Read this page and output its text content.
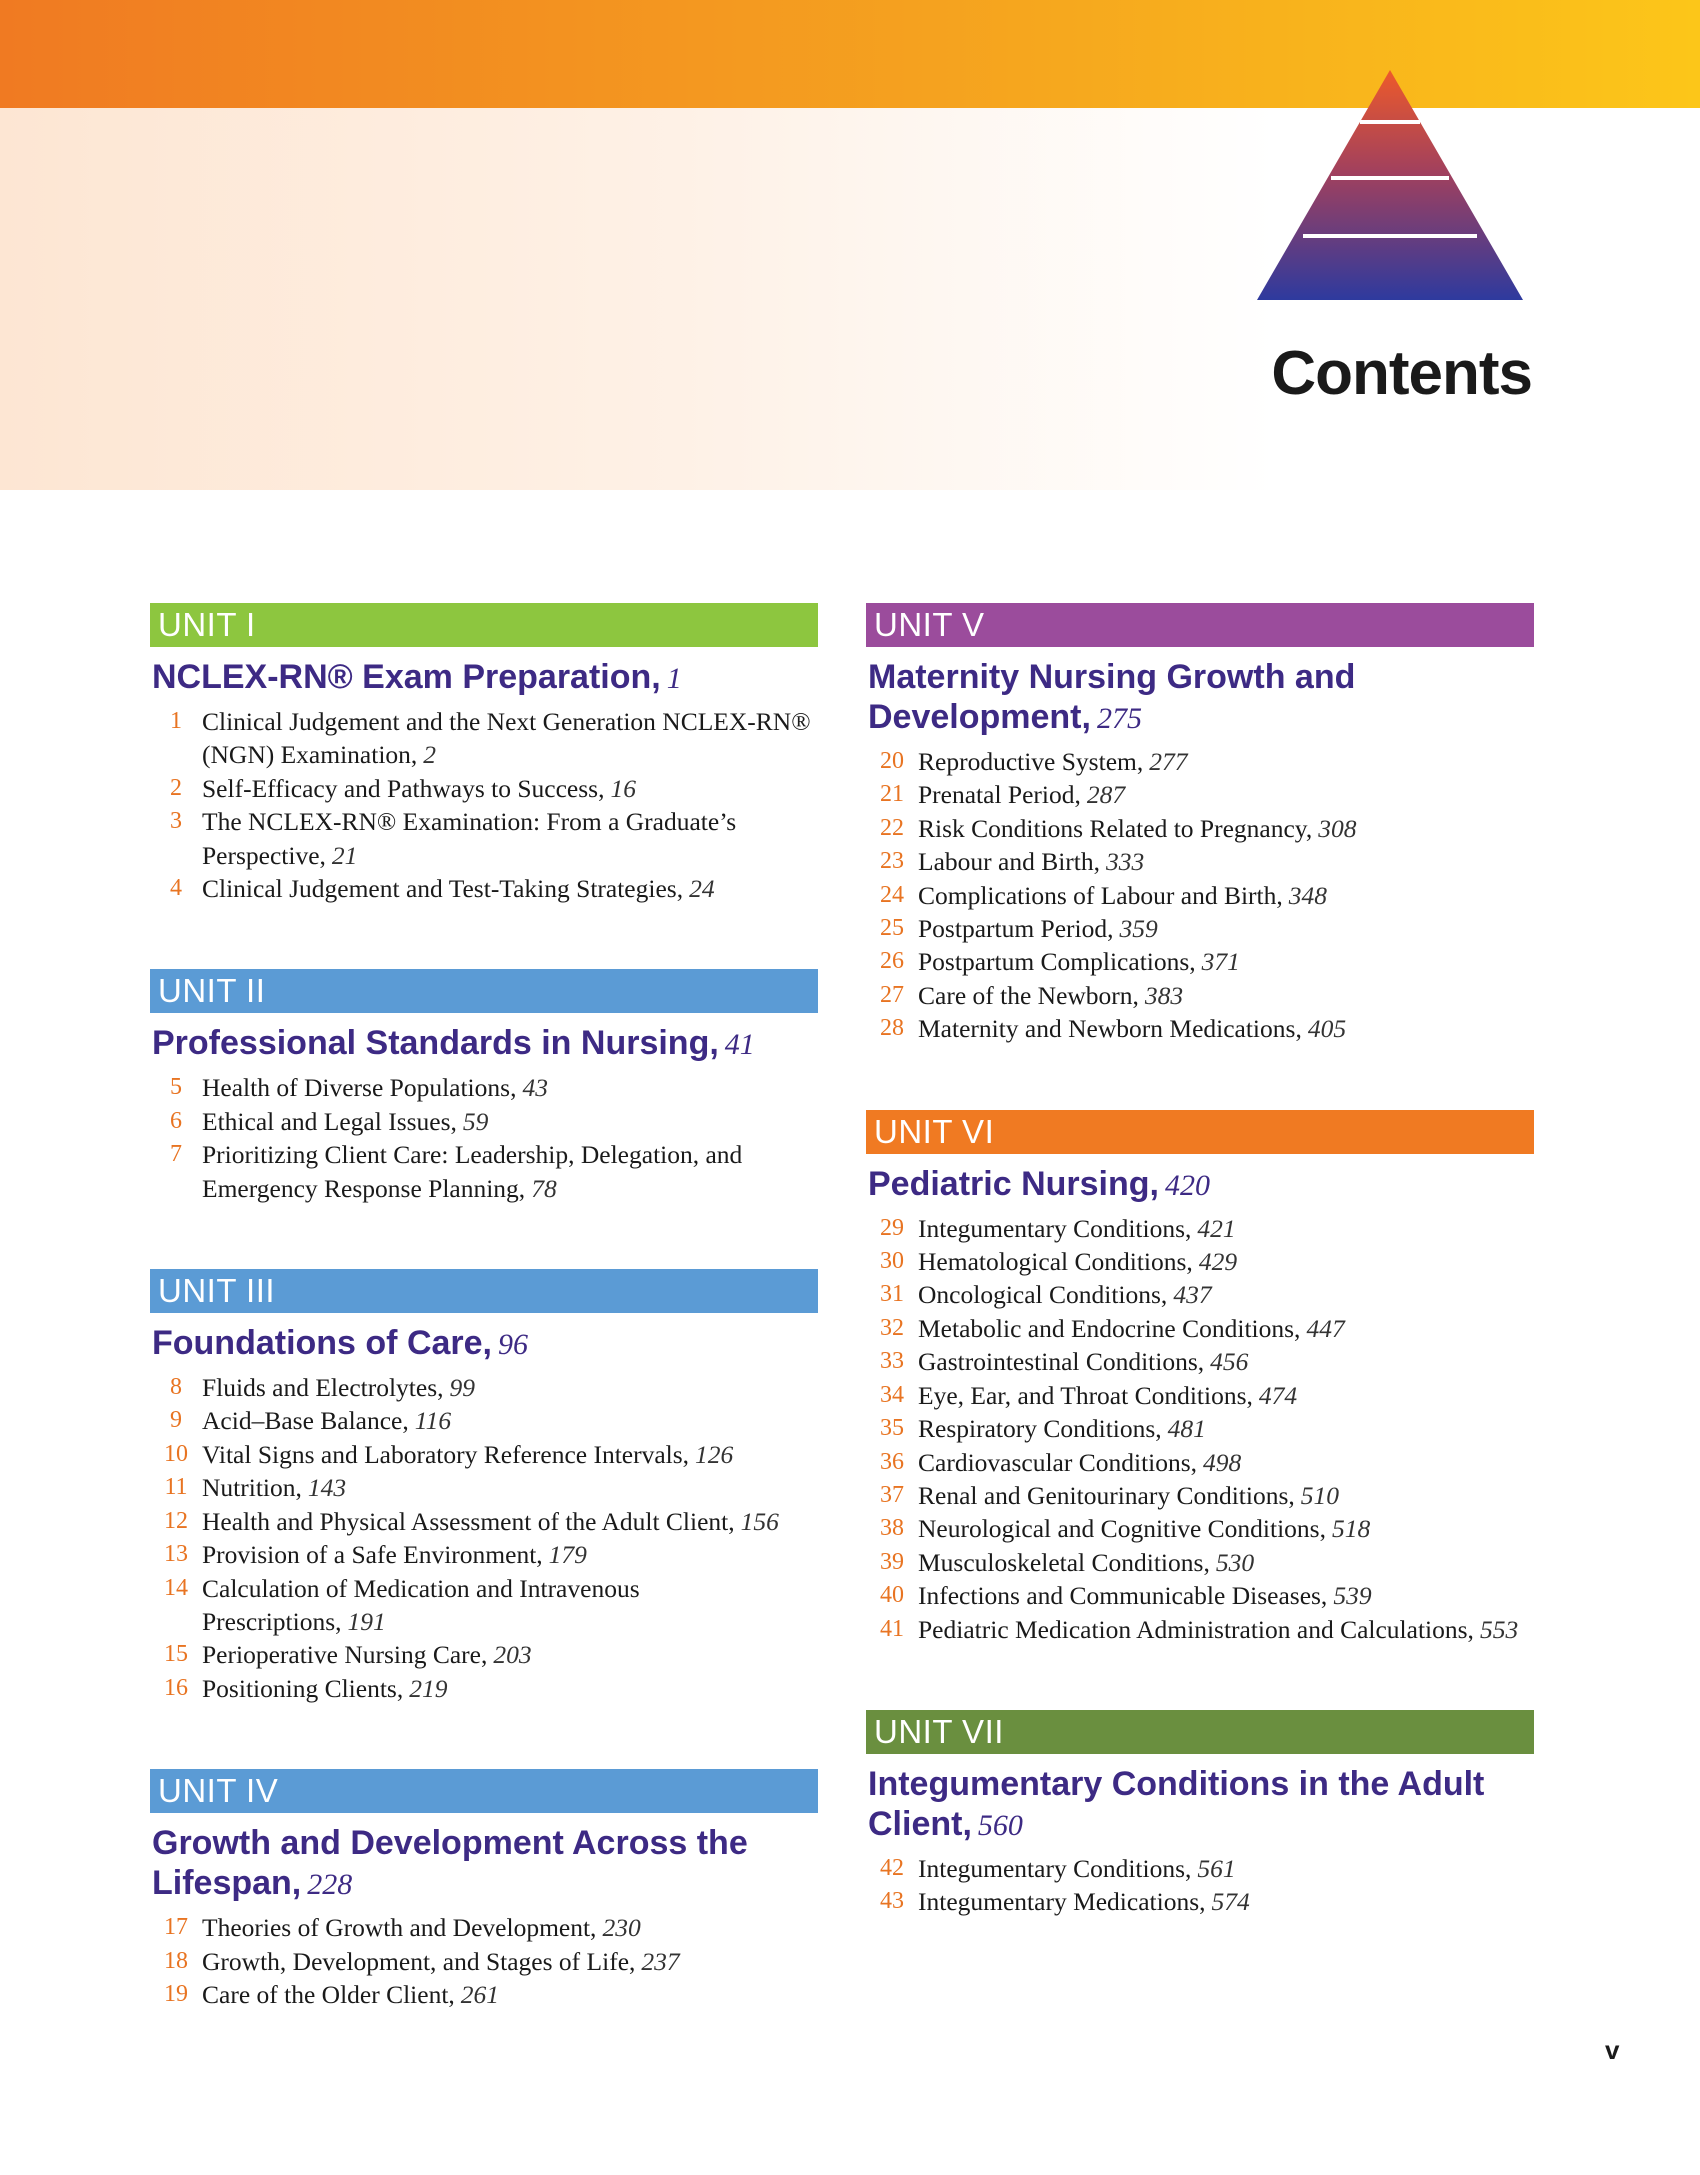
Contents
UNIT I
NCLEX-RN® Exam Preparation, 1
1 Clinical Judgement and the Next Generation NCLEX-RN® (NGN) Examination, 2
2 Self-Efficacy and Pathways to Success, 16
3 The NCLEX-RN® Examination: From a Graduate’s Perspective, 21
4 Clinical Judgement and Test-Taking Strategies, 24
UNIT II
Professional Standards in Nursing, 41
5 Health of Diverse Populations, 43
6 Ethical and Legal Issues, 59
7 Prioritizing Client Care: Leadership, Delegation, and Emergency Response Planning, 78
UNIT III
Foundations of Care, 96
8 Fluids and Electrolytes, 99
9 Acid–Base Balance, 116
10 Vital Signs and Laboratory Reference Intervals, 126
11 Nutrition, 143
12 Health and Physical Assessment of the Adult Client, 156
13 Provision of a Safe Environment, 179
14 Calculation of Medication and Intravenous Prescriptions, 191
15 Perioperative Nursing Care, 203
16 Positioning Clients, 219
UNIT IV
Growth and Development Across the Lifespan, 228
17 Theories of Growth and Development, 230
18 Growth, Development, and Stages of Life, 237
19 Care of the Older Client, 261
UNIT V
Maternity Nursing Growth and Development, 275
20 Reproductive System, 277
21 Prenatal Period, 287
22 Risk Conditions Related to Pregnancy, 308
23 Labour and Birth, 333
24 Complications of Labour and Birth, 348
25 Postpartum Period, 359
26 Postpartum Complications, 371
27 Care of the Newborn, 383
28 Maternity and Newborn Medications, 405
UNIT VI
Pediatric Nursing, 420
29 Integumentary Conditions, 421
30 Hematological Conditions, 429
31 Oncological Conditions, 437
32 Metabolic and Endocrine Conditions, 447
33 Gastrointestinal Conditions, 456
34 Eye, Ear, and Throat Conditions, 474
35 Respiratory Conditions, 481
36 Cardiovascular Conditions, 498
37 Renal and Genitourinary Conditions, 510
38 Neurological and Cognitive Conditions, 518
39 Musculoskeletal Conditions, 530
40 Infections and Communicable Diseases, 539
41 Pediatric Medication Administration and Calculations, 553
UNIT VII
Integumentary Conditions in the Adult Client, 560
42 Integumentary Conditions, 561
43 Integumentary Medications, 574
v
